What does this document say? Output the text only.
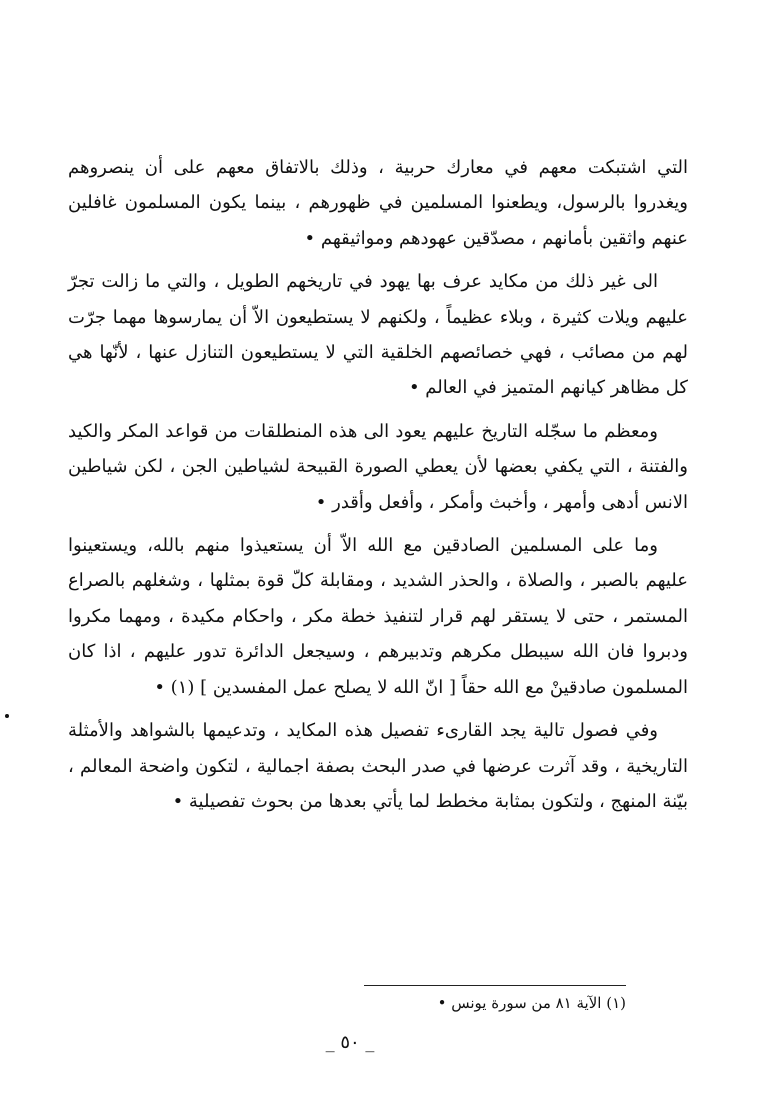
التي اشتبكت معهم في معارك حربية ، وذلك بالاتفاق معهم على أن ينصروهم ويغدروا بالرسول، ويطعنوا المسلمين في ظهورهم ، بينما يكون المسلمون غافلين عنهم واثقين بأمانهم ، مصدّقين عهودهم ومواثيقهم •

الى غير ذلك من مكايد عرف بها يهود في تاريخهم الطويل ، والتي ما زالت تجرّ عليهم ويلات كثيرة ، وبلاء عظيماً ، ولكنهم لا يستطيعون الاّ أن يمارسوها مهما جرّت لهم من مصائب ، فهي خصائصهم الخلقية التي لا يستطيعون التنازل عنها ، لأنّها هي كل مظاهر كيانهم المتميز في العالم •

ومعظم ما سجّله التاريخ عليهم يعود الى هذه المنطلقات من قواعد المكر والكيد والفتنة ، التي يكفي بعضها لأن يعطي الصورة القبيحة لشياطين الجن ، لكن شياطين الانس أدهى وأمهر ، وأخبث وأمكر ، وأفعل وأقدر •

وما على المسلمين الصادقين مع الله الاّ أن يستعيذوا منهم بالله، ويستعينوا عليهم بالصبر ، والصلاة ، والحذر الشديد ، ومقابلة كلّ قوة بمثلها ، وشغلهم بالصراع المستمر ، حتى لا يستقر لهم قرار لتنفيذ خطة مكر ، واحكام مكيدة ، ومهما مكروا ودبروا فان الله سيبطل مكرهم وتدبيرهم ، وسيجعل الدائرة تدور عليهم ، اذا كان المسلمون صادقينْ مع الله حقاً [ انّ الله لا يصلح عمل المفسدين ] (١) •

وفي فصول تالية يجد القارىء تفصيل هذه المكايد ، وتدعيمها بالشواهد والأمثلة التاريخية ، وقد آثرت عرضها في صدر البحث بصفة اجمالية ، لتكون واضحة المعالم ، بيّنة المنهج ، ولتكون بمثابة مخطط لما يأتي بعدها من بحوث تفصيلية •

(١) الآية ٨١ من سورة يونس •
_ ٥٠ _
